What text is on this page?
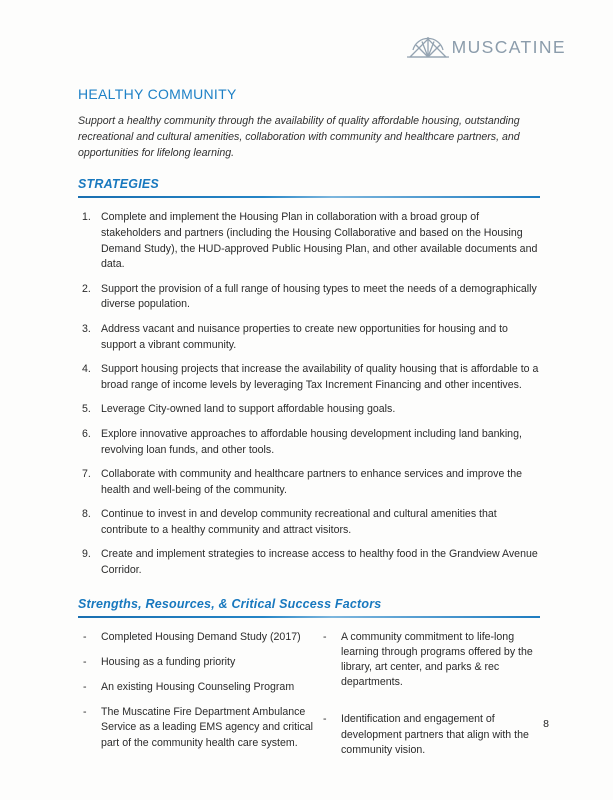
MUSCATINE
HEALTHY COMMUNITY

Support a healthy community through the availability of quality affordable housing, outstanding recreational and cultural amenities, collaboration with community and healthcare partners, and opportunities for lifelong learning.

STRATEGIES
Complete and implement the Housing Plan in collaboration with a broad group of stakeholders and partners (including the Housing Collaborative and based on the Housing Demand Study), the HUD-approved Public Housing Plan, and other available documents and data.
Support the provision of a full range of housing types to meet the needs of a demographically diverse population.
Address vacant and nuisance properties to create new opportunities for housing and to support a vibrant community.
Support housing projects that increase the availability of quality housing that is affordable to a broad range of income levels by leveraging Tax Increment Financing and other incentives.
Leverage City-owned land to support affordable housing goals.
Explore innovative approaches to affordable housing development including land banking, revolving loan funds, and other tools.
Collaborate with community and healthcare partners to enhance services and improve the health and well-being of the community.
Continue to invest in and develop community recreational and cultural amenities that contribute to a healthy community and attract visitors.
Create and implement strategies to increase access to healthy food in the Grandview Avenue Corridor.
Strengths, Resources, & Critical Success Factors
- Completed Housing Demand Study (2017)
- Housing as a funding priority
- An existing Housing Counseling Program
- The Muscatine Fire Department Ambulance Service as a leading EMS agency and critical part of the community health care system.
- A community commitment to life-long learning through programs offered by the library, art center, and parks & rec departments.
- Identification and engagement of development partners that align with the community vision.
8
